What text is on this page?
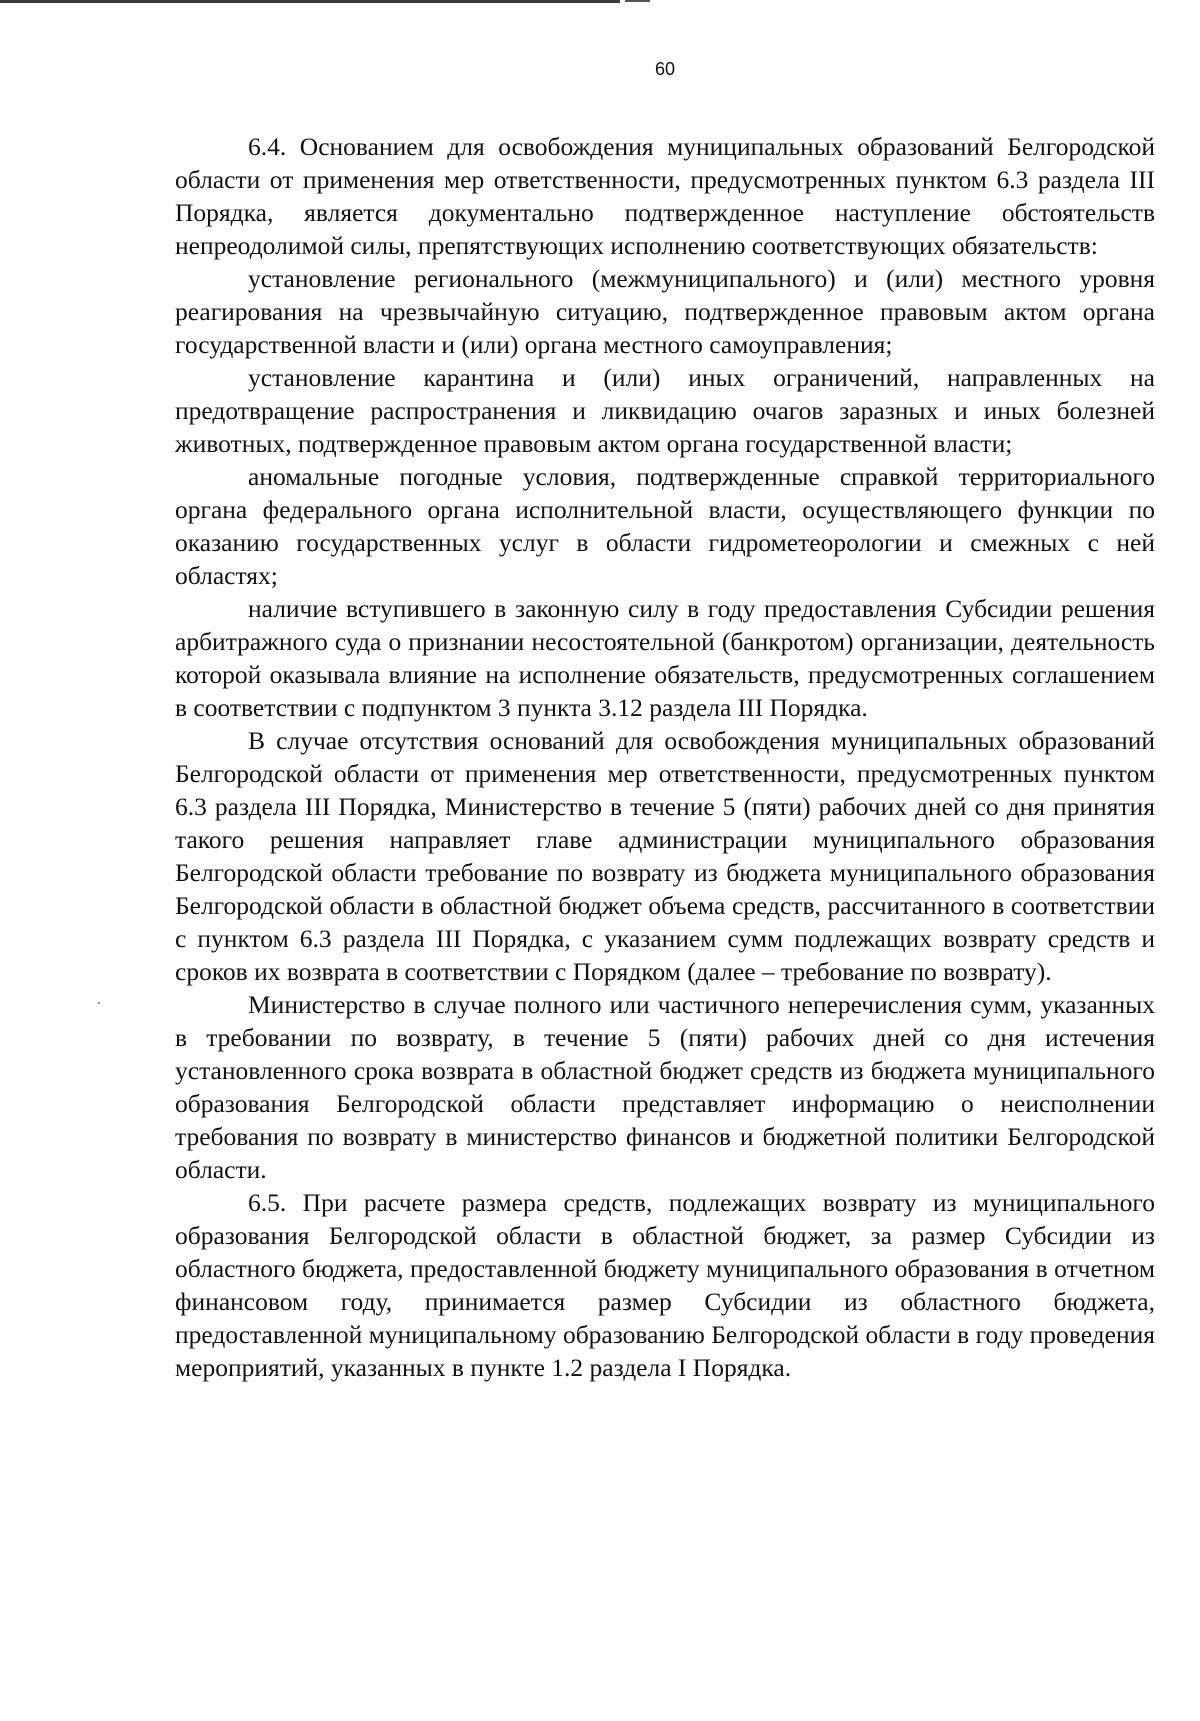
60

6.4. Основанием для освобождения муниципальных образований Белгородской области от применения мер ответственности, предусмотренных пунктом 6.3 раздела III Порядка, является документально подтвержденное наступление обстоятельств непреодолимой силы, препятствующих исполнению соответствующих обязательств:

установление регионального (межмуниципального) и (или) местного уровня реагирования на чрезвычайную ситуацию, подтвержденное правовым актом органа государственной власти и (или) органа местного самоуправления;

установление карантина и (или) иных ограничений, направленных на предотвращение распространения и ликвидацию очагов заразных и иных болезней животных, подтвержденное правовым актом органа государственной власти;

аномальные погодные условия, подтвержденные справкой территориального органа федерального органа исполнительной власти, осуществляющего функции по оказанию государственных услуг в области гидрометеорологии и смежных с ней областях;

наличие вступившего в законную силу в году предоставления Субсидии решения арбитражного суда о признании несостоятельной (банкротом) организации, деятельность которой оказывала влияние на исполнение обязательств, предусмотренных соглашением в соответствии с подпунктом 3 пункта 3.12 раздела III Порядка.

В случае отсутствия оснований для освобождения муниципальных образований Белгородской области от применения мер ответственности, предусмотренных пунктом 6.3 раздела III Порядка, Министерство в течение 5 (пяти) рабочих дней со дня принятия такого решения направляет главе администрации муниципального образования Белгородской области требование по возврату из бюджета муниципального образования Белгородской области в областной бюджет объема средств, рассчитанного в соответствии с пунктом 6.3 раздела III Порядка, с указанием сумм подлежащих возврату средств и сроков их возврата в соответствии с Порядком (далее – требование по возврату).

Министерство в случае полного или частичного неперечисления сумм, указанных в требовании по возврату, в течение 5 (пяти) рабочих дней со дня истечения установленного срока возврата в областной бюджет средств из бюджета муниципального образования Белгородской области представляет информацию о неисполнении требования по возврату в министерство финансов и бюджетной политики Белгородской области.

6.5. При расчете размера средств, подлежащих возврату из муниципального образования Белгородской области в областной бюджет, за размер Субсидии из областного бюджета, предоставленной бюджету муниципального образования в отчетном финансовом году, принимается размер Субсидии из областного бюджета, предоставленной муниципальному образованию Белгородской области в году проведения мероприятий, указанных в пункте 1.2 раздела I Порядка.
